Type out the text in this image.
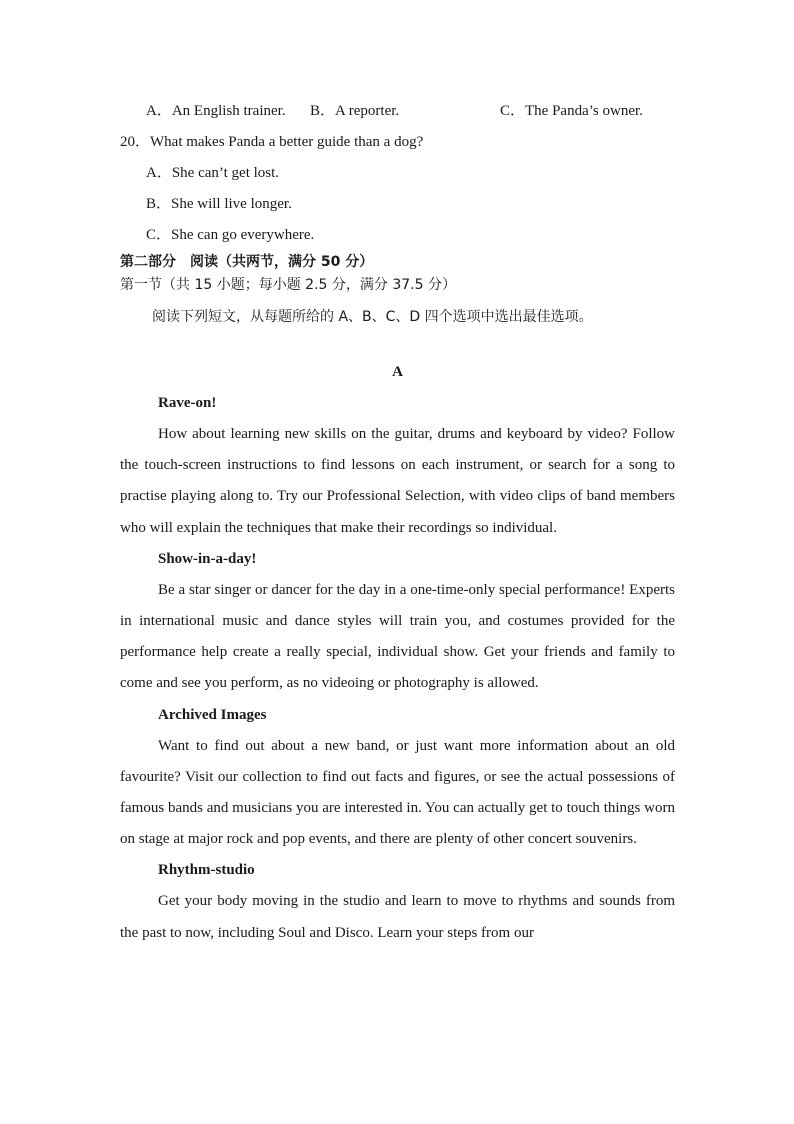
A．An English trainer. B．A reporter.	C．The Panda’s owner.
20．What makes Panda a better guide than a dog?
A．She can’t get lost.
B．She will live longer.
C．She can go everywhere.
第二部分　阅读（共两节，满分 50 分）
第一节（共 15 小题；每小题 2.5 分，满分 37.5 分）
阅读下列短文，从每题所给的 A、B、C、D 四个选项中选出最佳选项。
A
Rave-on!

How about learning new skills on the guitar, drums and keyboard by video? Follow the touch-screen instructions to find lessons on each instrument, or search for a song to practise playing along to. Try our Professional Selection, with video clips of band members who will explain the techniques that make their recordings so individual.

Show-in-a-day!

Be a star singer or dancer for the day in a one-time-only special performance! Experts in international music and dance styles will train you, and costumes provided for the performance help create a really special, individual show. Get your friends and family to come and see you perform, as no videoing or photography is allowed.

Archived Images

Want to find out about a new band, or just want more information about an old favourite? Visit our collection to find out facts and figures, or see the actual possessions of famous bands and musicians you are interested in. You can actually get to touch things worn on stage at major rock and pop events, and there are plenty of other concert souvenirs.

Rhythm-studio

Get your body moving in the studio and learn to move to rhythms and sounds from the past to now, including Soul and Disco. Learn your steps from our
